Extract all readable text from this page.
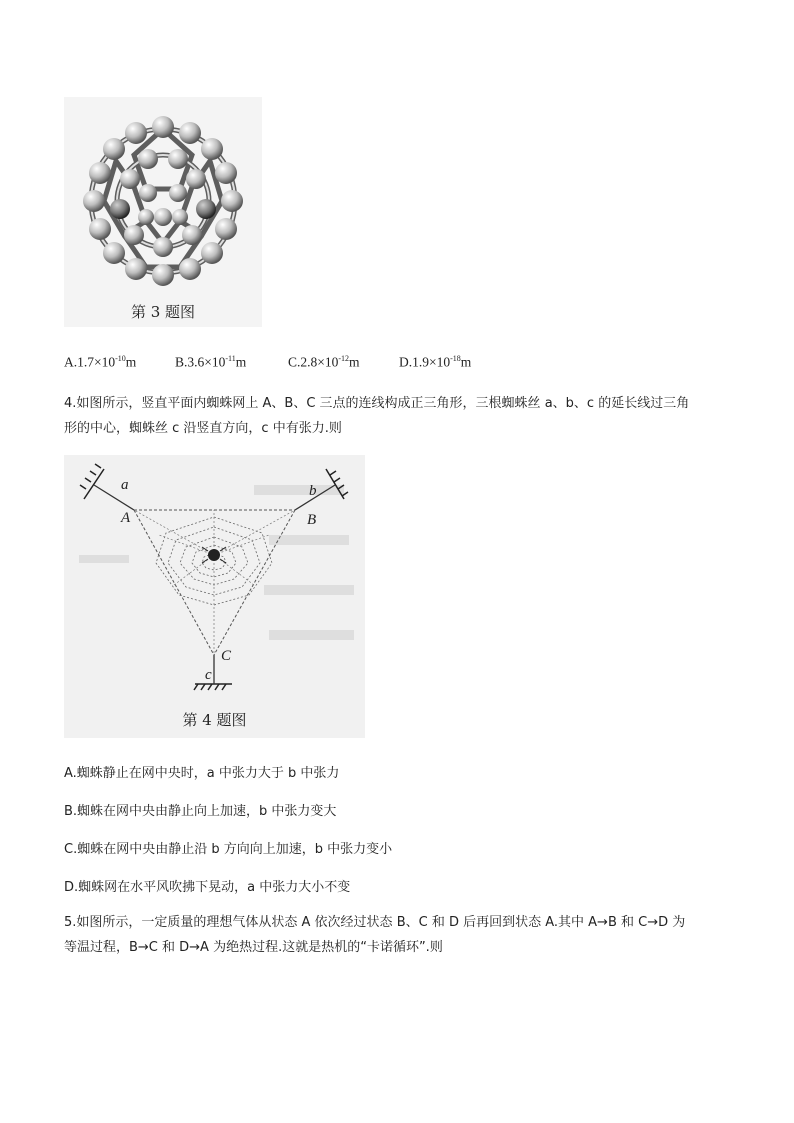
第 3 题图
$A.1.7\times 10^{-10}m$	$B.3.6\times 10^{-11}m$	$C.2.8\times 10^{-12}m$	$D.1.9\times 10^{-18}m$
4.如图所示，竖直平面内蜘蛛网上 A、B、C 三点的连线构成正三角形，三根蜘蛛丝 a、b、c 的延长线过三角
形的中心，蜘蛛丝 c 沿竖直方向，c 中有张力.则
a
A
b
B
C
c
第 4 题图
A.蜘蛛静止在网中央时，a 中张力大于 b 中张力
B.蜘蛛在网中央由静止向上加速，b 中张力变大
C.蜘蛛在网中央由静止沿 b 方向向上加速，b 中张力变小
D.蜘蛛网在水平风吹拂下晃动，a 中张力大小不变
5.如图所示，一定质量的理想气体从状态 A 依次经过状态 B、C 和 D 后再回到状态 A.其中 A→B 和 C→D 为
等温过程，B→C 和 D→A 为绝热过程.这就是热机的“卡诺循环”.则
